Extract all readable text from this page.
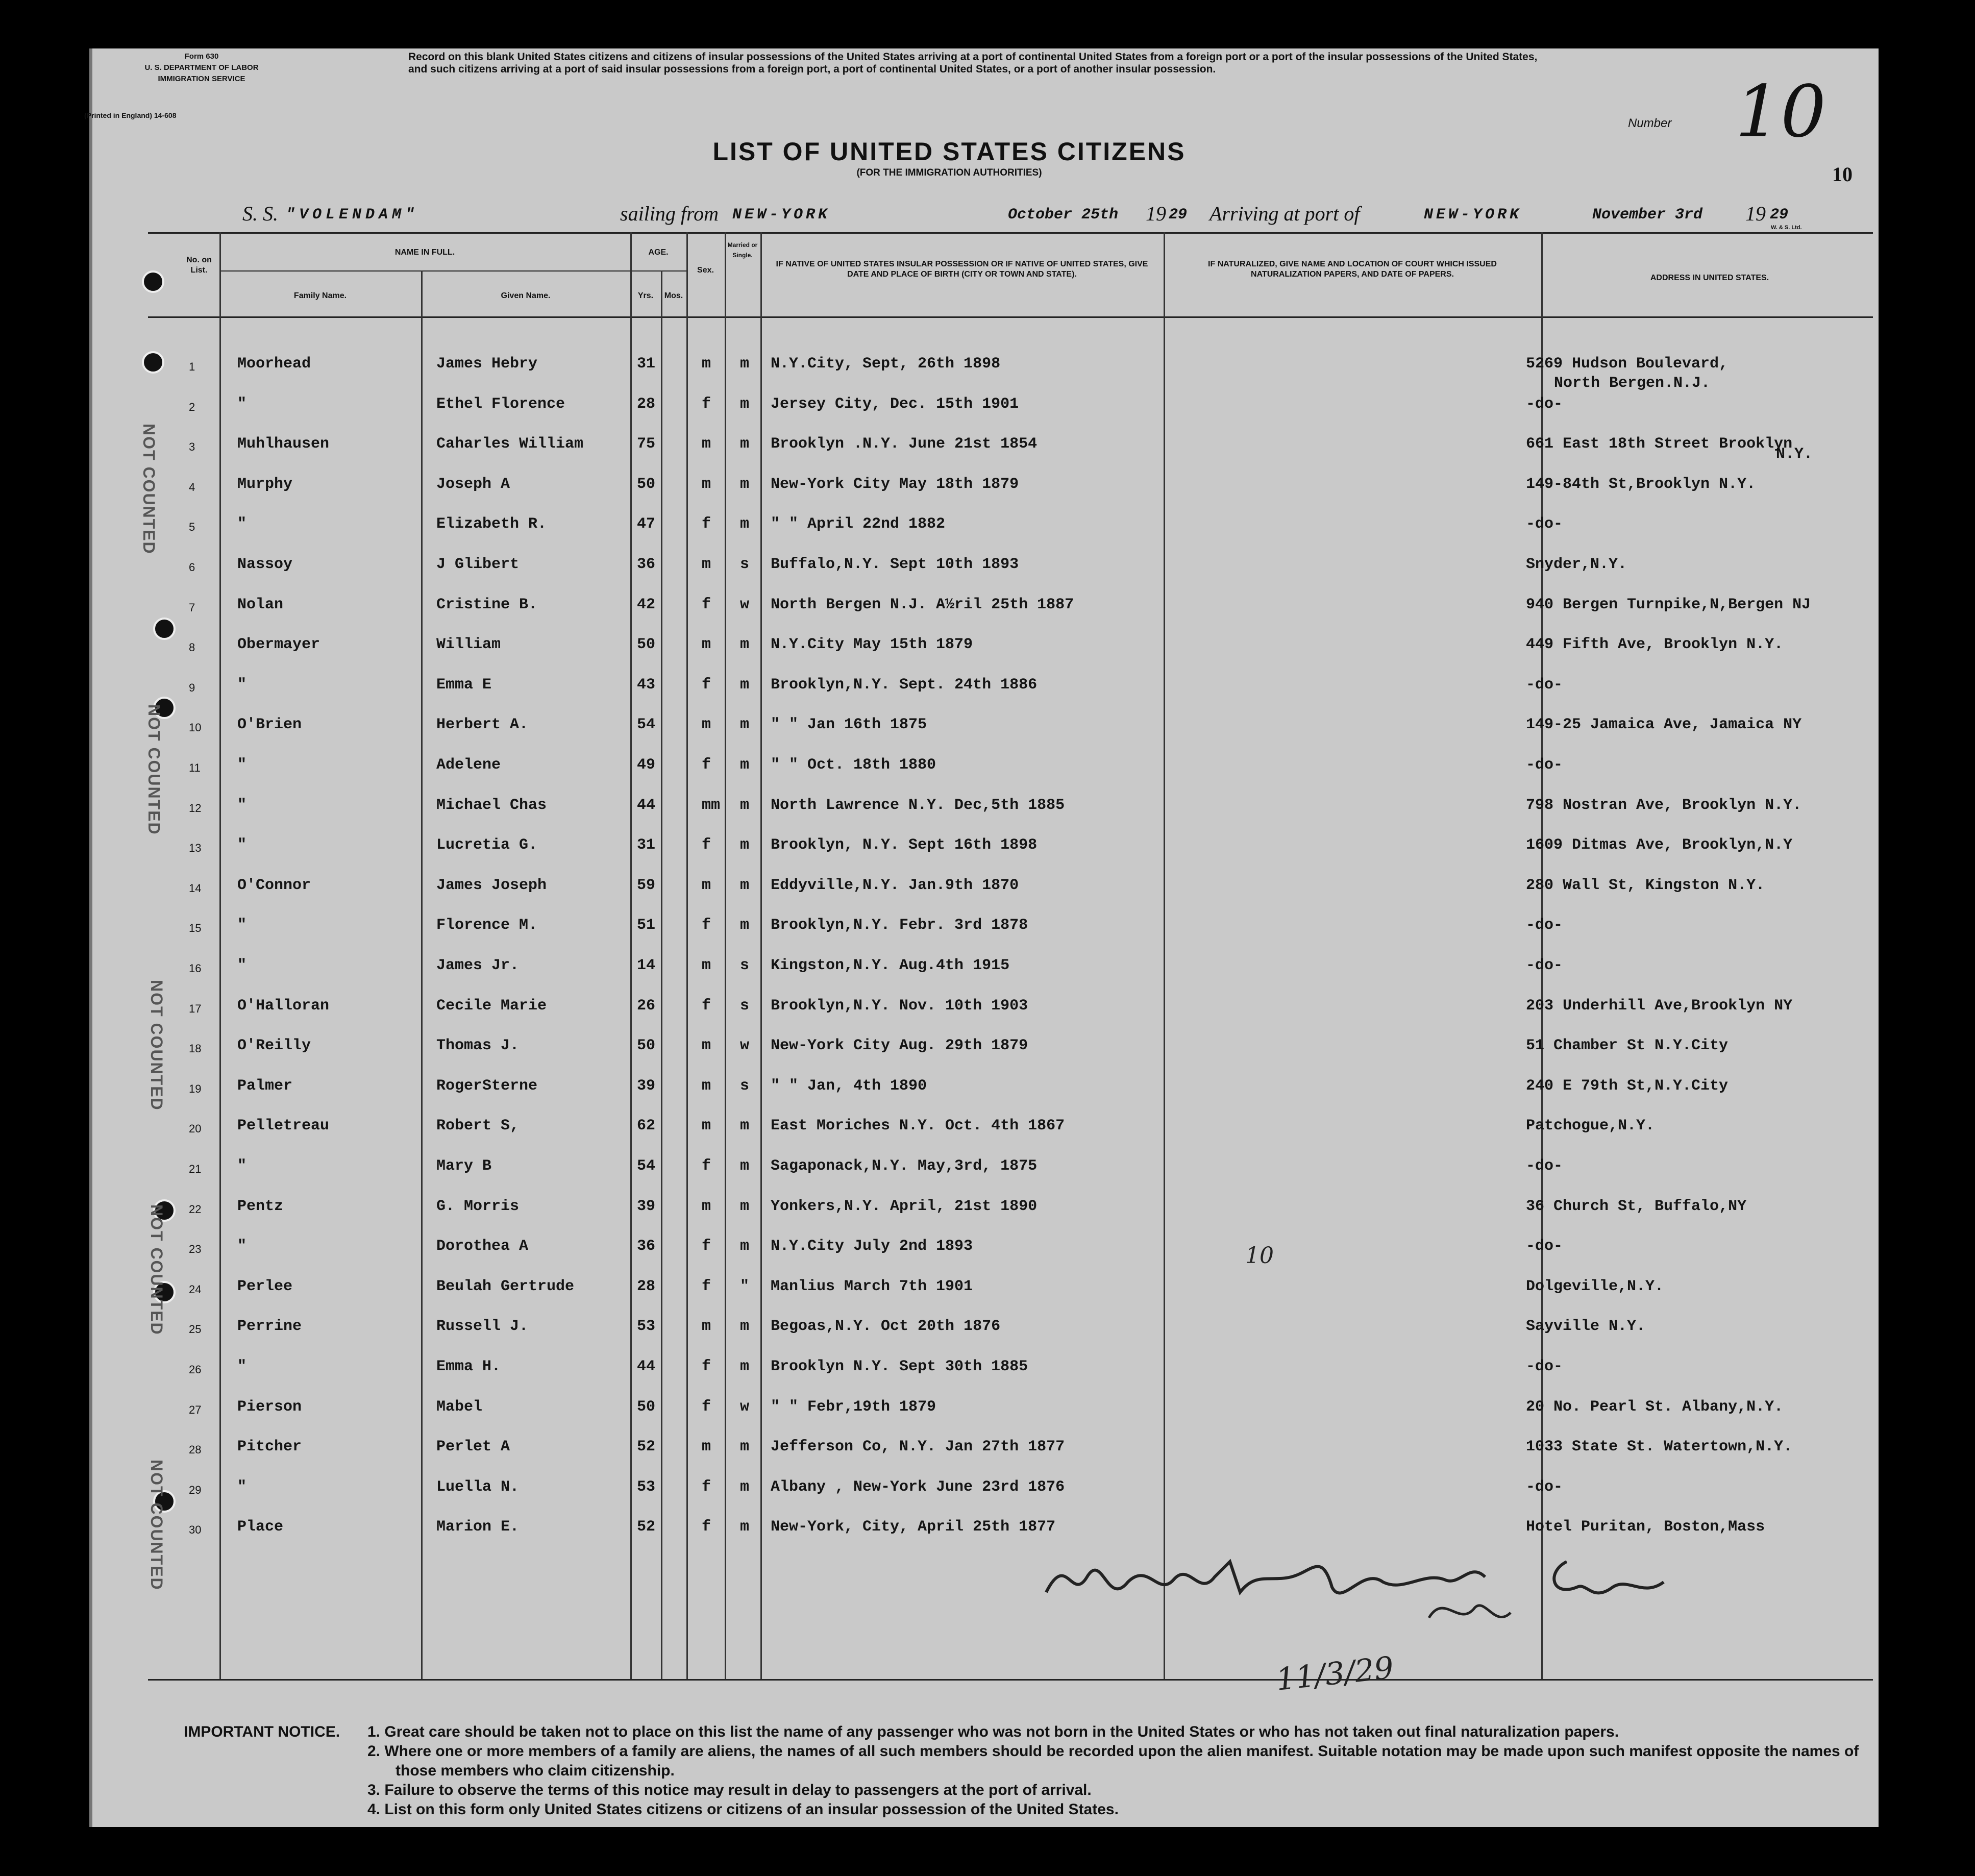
NOT COUNTED
NOT COUNTED
NOT COUNTED
NOT COUNTED
NOT COUNTED
Form 630
U. S. DEPARTMENT OF LABOR
IMMIGRATION SERVICE
(Printed in England) 14-608
Record on this blank United States citizens and citizens of insular possessions of the United States arriving at a port of continental United States from a foreign port or a port of the insular possessions of the United States, and such citizens arriving at a port of said insular possessions from a foreign port, a port of continental United States, or a port of another insular possession.
LIST OF UNITED STATES CITIZENS
(FOR THE IMMIGRATION AUTHORITIES)
Number 10
10
S. S. "VOLENDAM"	sailing from NEW-YORK	October 25th 19 29 Arriving at port of	NEW-YORK	November 3rd 19 29
W. & S. Ltd.
No. on List.
NAME IN FULL.
Family Name.	Given Name.
AGE.
Yrs.	Mos.
Sex.
Married or Single.
IF NATIVE OF UNITED STATES INSULAR POSSESSION OR IF NATIVE OF UNITED STATES, GIVE DATE AND PLACE OF BIRTH (CITY OR TOWN AND STATE).
IF NATURALIZED, GIVE NAME AND LOCATION OF COURT WHICH ISSUED NATURALIZATION PAPERS, AND DATE OF PAPERS.	ADDRESS IN UNITED STATES.
1	Moorhead	James Hebry	31	m m N.Y.City, Sept, 26th 1898	5269 Hudson Boulevard,
North Bergen.N.J.
2	"	Ethel Florence	28	f m Jersey City, Dec. 15th 1901	-do-
3	Muhlhausen	Caharles William	75	m m Brooklyn .N.Y. June 21st 1854	661 East 18th Street Brooklyn
N.Y.
4	Murphy	Joseph A	50	m m New-York City May 18th 1879	149-84th St,Brooklyn N.Y.
5	"	Elizabeth R.	47	f m " " April 22nd 1882	-do-
6	Nassoy	J Glibert	36	m s Buffalo,N.Y. Sept 10th 1893	Snyder,N.Y.
7	Nolan	Cristine B.	42	f w North Bergen N.J. A½ril 25th 1887	940 Bergen Turnpike,N,Bergen NJ
8	Obermayer	William	50	m m N.Y.City May 15th 1879	449 Fifth Ave, Brooklyn N.Y.
9	"	Emma E	43	f m Brooklyn,N.Y. Sept. 24th 1886	-do-
10 O'Brien	Herbert A.	54	m m " " Jan 16th 1875	149-25 Jamaica Ave, Jamaica NY
11 "	Adelene	49	f m " " Oct. 18th 1880	-do-
12 "	Michael Chas	44	mm m North Lawrence N.Y. Dec,5th 1885	798 Nostran Ave, Brooklyn N.Y.
13 "	Lucretia G.	31	f m Brooklyn, N.Y. Sept 16th 1898	1609 Ditmas Ave, Brooklyn,N.Y
14 O'Connor	James Joseph	59	m m Eddyville,N.Y. Jan.9th 1870	280 Wall St, Kingston N.Y.
15 "	Florence M.	51	f m Brooklyn,N.Y. Febr. 3rd 1878	-do-
16 "	James Jr.	14	m s Kingston,N.Y. Aug.4th 1915	-do-
17 O'Halloran	Cecile Marie	26	f s Brooklyn,N.Y. Nov. 10th 1903	203 Underhill Ave,Brooklyn NY
18 O'Reilly	Thomas J.	50	m w New-York City Aug. 29th 1879	51 Chamber St N.Y.City
19 Palmer	RogerSterne	39	m s " " Jan, 4th 1890	240 E 79th St,N.Y.City
20 Pelletreau	Robert S,	62	m m East Moriches N.Y. Oct. 4th 1867	Patchogue,N.Y.
21 "	Mary B	54	f m Sagaponack,N.Y. May,3rd, 1875	-do-
22 Pentz	G. Morris	39	m m Yonkers,N.Y. April, 21st 1890	36 Church St, Buffalo,NY
23 "	Dorothea A	36	f m N.Y.City July 2nd 1893	-do-
24 Perlee	Beulah Gertrude	28	f " Manlius March 7th 1901	Dolgeville,N.Y.
25 Perrine	Russell J.	53	m m Begoas,N.Y. Oct 20th 1876	Sayville N.Y.
26 "	Emma H.	44	f m Brooklyn N.Y. Sept 30th 1885	-do-
27 Pierson	Mabel	50	f w " " Febr,19th 1879	20 No. Pearl St. Albany,N.Y.
28 Pitcher	Perlet A	52	m m Jefferson Co, N.Y. Jan 27th 1877	1033 State St. Watertown,N.Y.
29 "	Luella N.	53	f m Albany , New-York June 23rd 1876	-do-
30 Place	Marion E.	52	f m New-York, City, April 25th 1877	Hotel Puritan, Boston,Mass
10
11/3/29
IMPORTANT NOTICE. 1. Great care should be taken not to place on this list the name of any passenger who was not born in the United States or who has not taken out final naturalization papers.
2. Where one or more members of a family are aliens, the names of all such members should be recorded upon the alien manifest. Suitable notation may be made upon such manifest opposite the names of those members who claim citizenship.
3. Failure to observe the terms of this notice may result in delay to passengers at the port of arrival.
4. List on this form only United States citizens or citizens of an insular possession of the United States.
